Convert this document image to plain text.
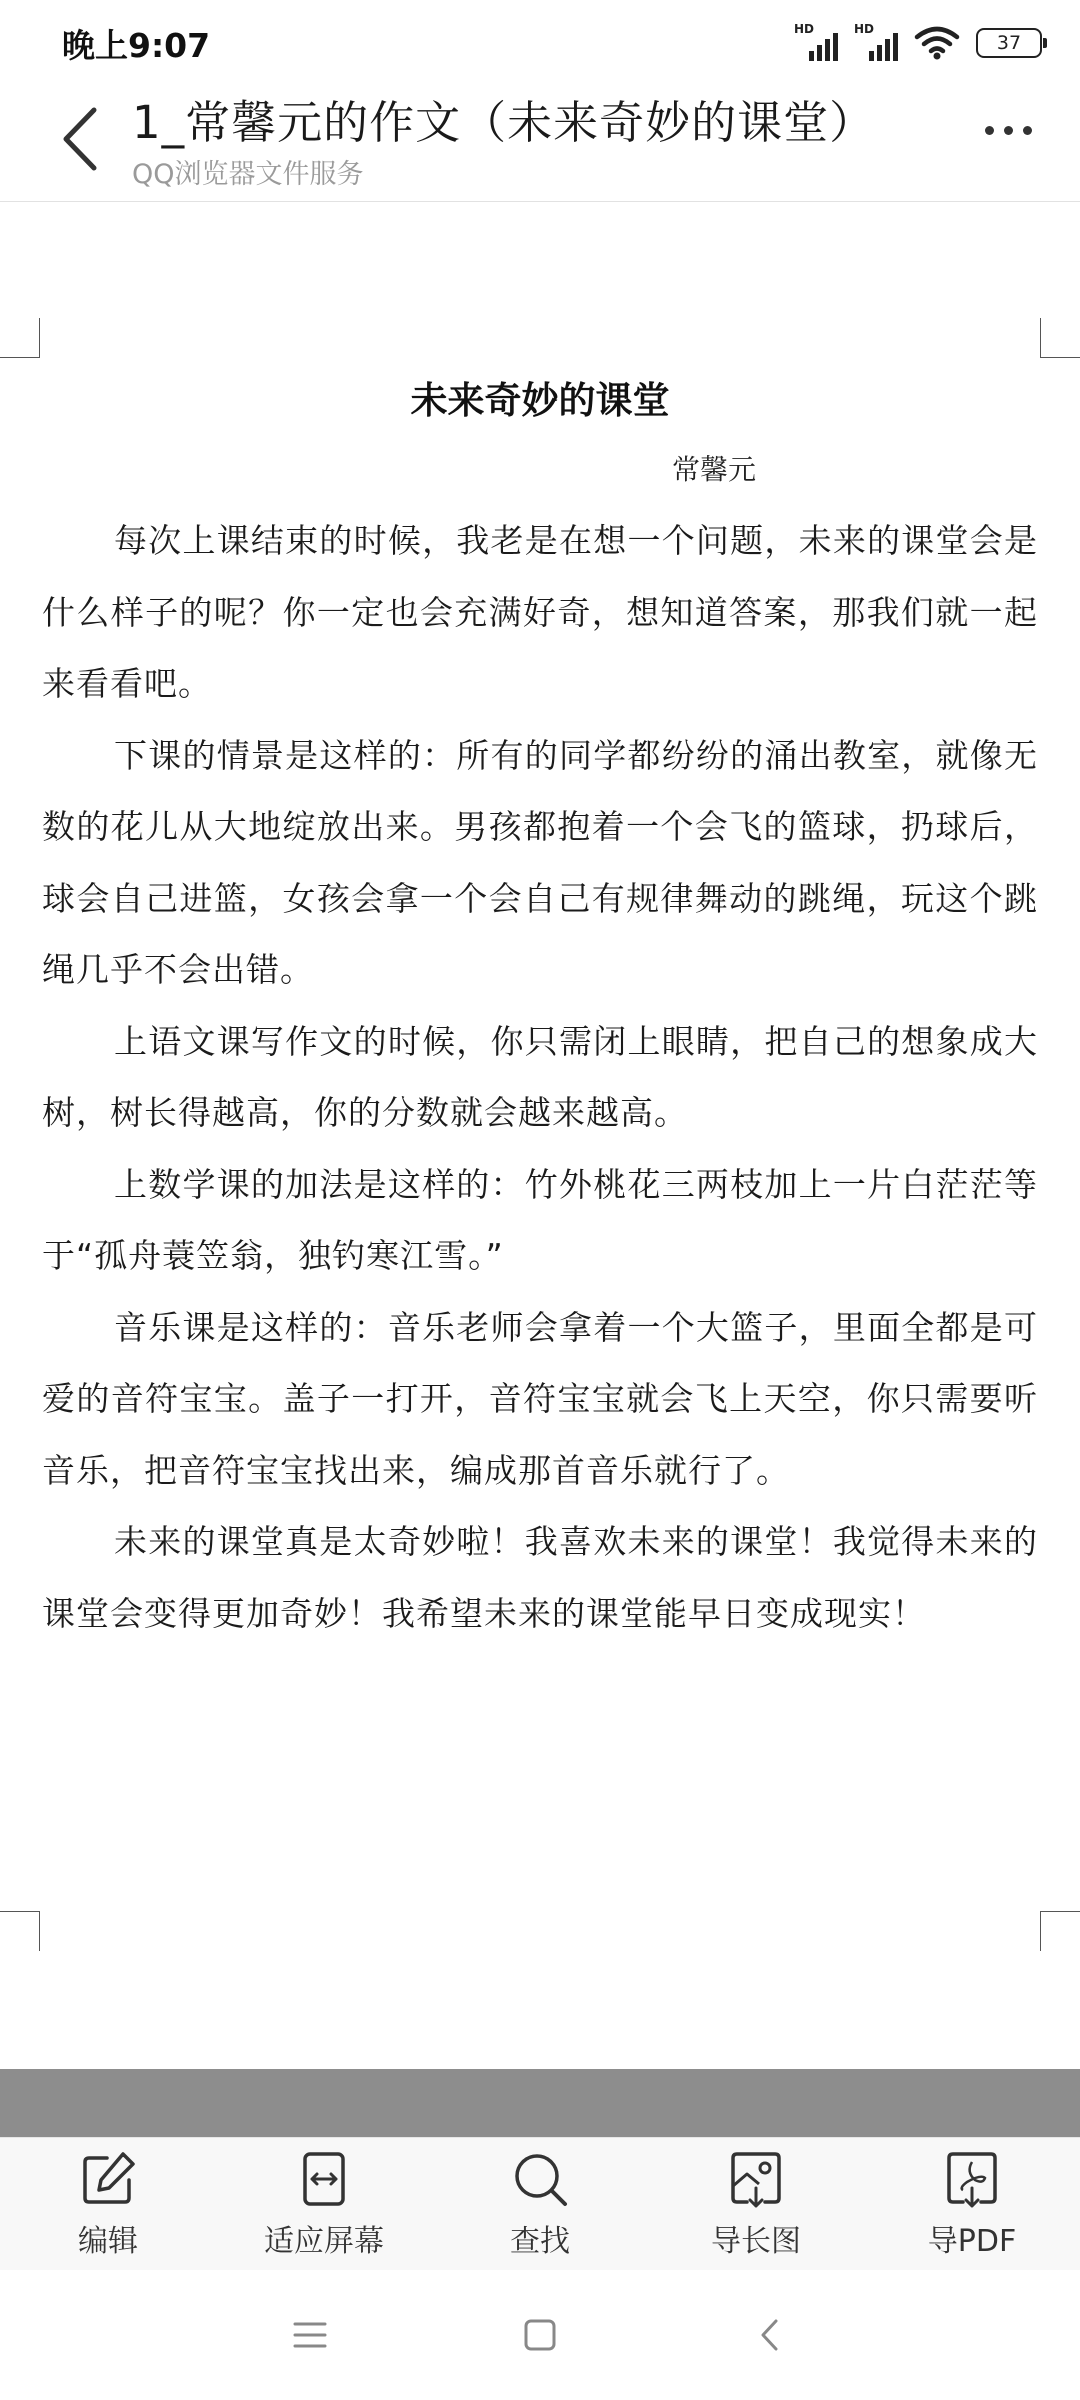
晚上9:07	HD	HD
37
1_常馨元的作文（未来奇妙的课堂）
QQ浏览器文件服务
未来奇妙的课堂
常馨元

每次上课结束的时候，我老是在想一个问题，未来的课堂会是什么样子的呢？你一定也会充满好奇，想知道答案，那我们就一起来看看吧。

下课的情景是这样的：所有的同学都纷纷的涌出教室，就像无数的花儿从大地绽放出来。男孩都抱着一个会飞的篮球，扔球后，球会自己进篮，女孩会拿一个会自己有规律舞动的跳绳，玩这个跳绳几乎不会出错。

上语文课写作文的时候，你只需闭上眼睛，把自己的想象成大树，树长得越高，你的分数就会越来越高。

上数学课的加法是这样的：竹外桃花三两枝加上一片白茫茫等于“孤舟蓑笠翁，独钓寒江雪。”

音乐课是这样的：音乐老师会拿着一个大篮子，里面全都是可爱的音符宝宝。盖子一打开，音符宝宝就会飞上天空，你只需要听音乐，把音符宝宝找出来，编成那首音乐就行了。

未来的课堂真是太奇妙啦！我喜欢未来的课堂！我觉得未来的课堂会变得更加奇妙！我希望未来的课堂能早日变成现实！

编辑	适应屏幕	查找	导长图	导PDF
